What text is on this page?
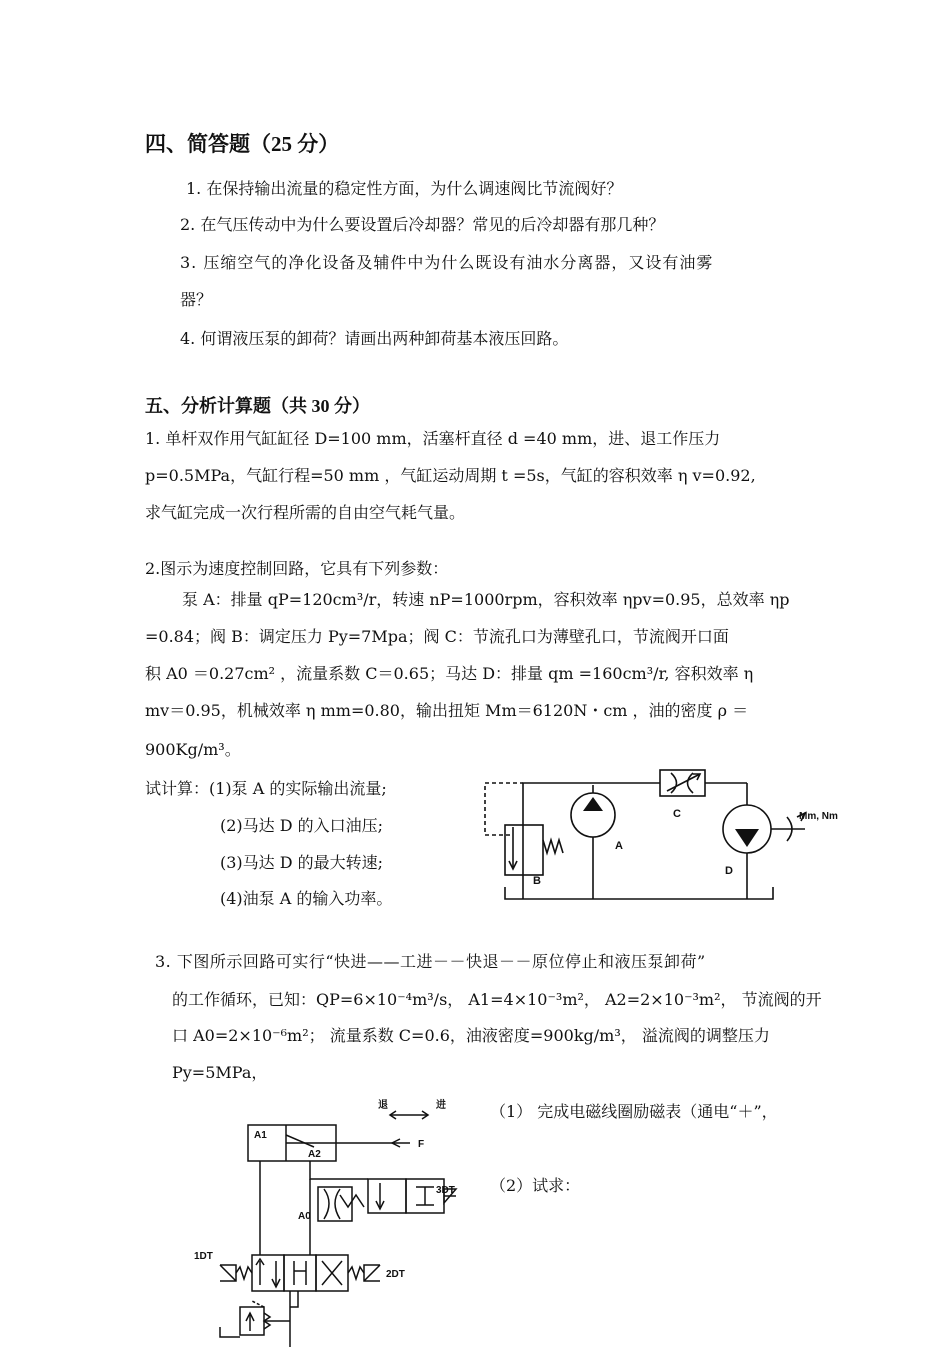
四、简答题（25 分）
1. 在保持输出流量的稳定性方面，为什么调速阀比节流阀好？
2. 在气压传动中为什么要设置后冷却器？常见的后冷却器有那几种？
3. 压缩空气的净化设备及辅件中为什么既设有油水分离器，又设有油雾
器？
4. 何谓液压泵的卸荷？请画出两种卸荷基本液压回路。
五、分析计算题（共 30 分）
1. 单杆双作用气缸缸径 D=100 mm，活塞杆直径 d =40 mm，进、退工作压力
p=0.5MPa，气缸行程=50 mm ，气缸运动周期 t =5s，气缸的容积效率 η v=0.92,
求气缸完成一次行程所需的自由空气耗气量。
2.图示为速度控制回路，它具有下列参数：
泵 A：排量 qP=120cm³/r，转速 nP=1000rpm，容积效率 ηpv=0.95，总效率 ηp
=0.84；阀 B：调定压力 Py=7Mpa；阀 C：节流孔口为薄壁孔口，节流阀开口面
积 A0 ＝0.27cm² ，流量系数 C＝0.65；马达 D：排量 qm =160cm³/r, 容积效率 η
mv＝0.95，机械效率 η mm=0.80，输出扭矩 Mm＝6120N・cm ，油的密度 ρ ＝
900Kg/m³。
试计算：(1)泵 A 的实际输出流量;
(2)马达 D 的入口油压;
(3)马达 D 的最大转速;
(4)油泵 A 的输入功率。
A
B
C
D
Mm, Nm
3. 下图所示回路可实行“快进——工进－－快退－－原位停止和液压泵卸荷”
的工作循环，已知：QP=6×10⁻⁴m³/s， A1=4×10⁻³m²， A2=2×10⁻³m²， 节流阀的开
口 A0=2×10⁻⁶m²； 流量系数 C=0.6，油液密度=900kg/m³， 溢流阀的调整压力
Py=5MPa，
（1） 完成电磁线圈励磁表（通电“＋”，
（2）试求：
退	进
A1
A2
F
A0
3DT
1DT
2DT
